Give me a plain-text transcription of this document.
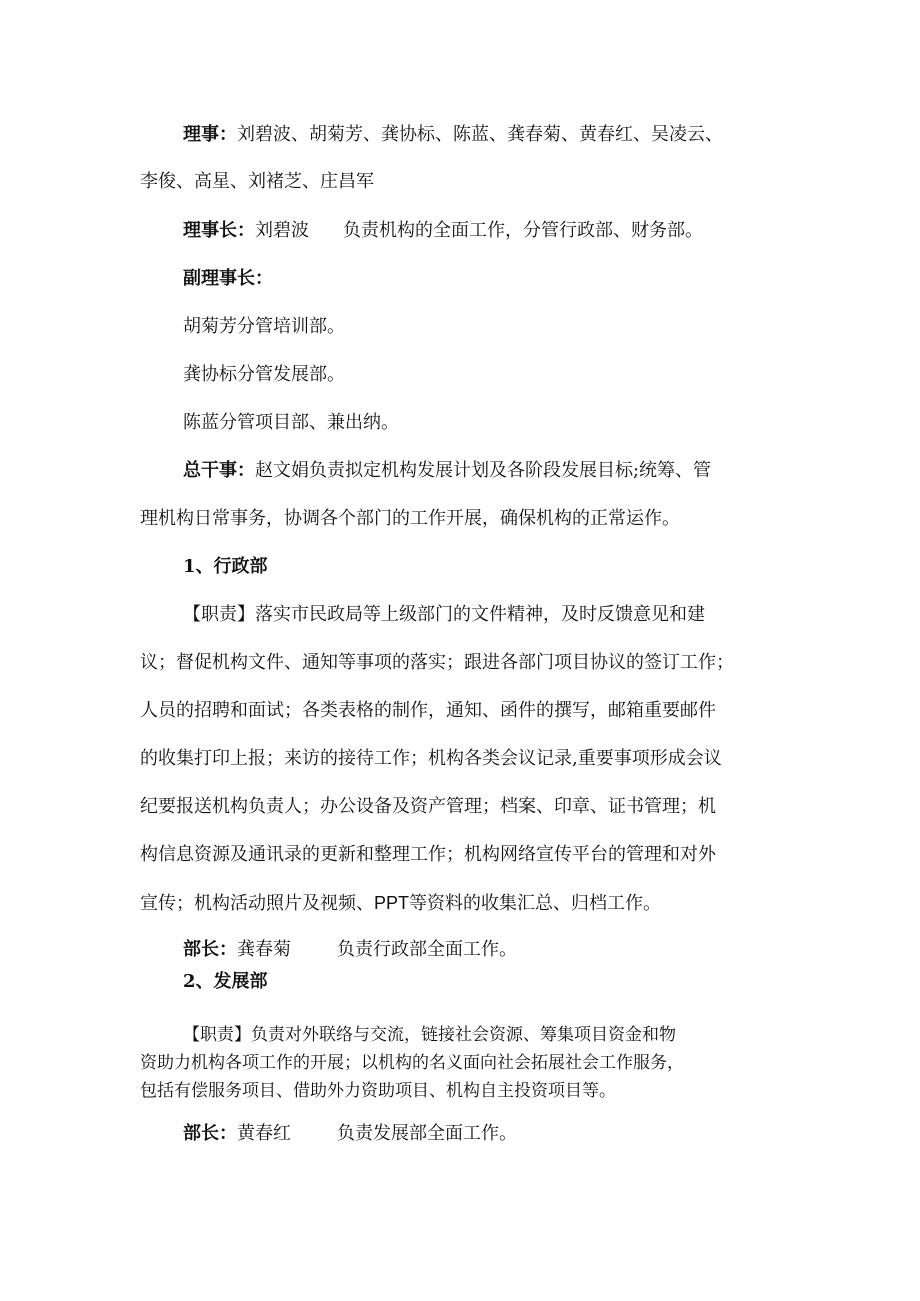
理事：刘碧波、胡菊芳、龚协标、陈蓝、龚春菊、黄春红、吴凌云、

李俊、高星、刘褚芝、庄昌军

理事长：刘碧波 负责机构的全面工作，分管行政部、财务部。

副理事长：

胡菊芳分管培训部。

龚协标分管发展部。

陈蓝分管项目部、兼出纳。

总干事：赵文娟负责拟定机构发展计划及各阶段发展目标;统筹、管

理机构日常事务，协调各个部门的工作开展，确保机构的正常运作。

1、行政部

【职责】落实市民政局等上级部门的文件精神，及时反馈意见和建

议；督促机构文件、通知等事项的落实；跟进各部门项目协议的签订工作；

人员的招聘和面试；各类表格的制作，通知、函件的撰写，邮箱重要邮件

的收集打印上报；来访的接待工作；机构各类会议记录,重要事项形成会议

纪要报送机构负责人；办公设备及资产管理；档案、印章、证书管理；机

构信息资源及通讯录的更新和整理工作；机构网络宣传平台的管理和对外

宣传；机构活动照片及视频、PPT等资料的收集汇总、归档工作。

部长：龚春菊	负责行政部全面工作。

2、发展部

【职责】负责对外联络与交流，链接社会资源、筹集项目资金和物

资助力机构各项工作的开展；以机构的名义面向社会拓展社会工作服务，

包括有偿服务项目、借助外力资助项目、机构自主投资项目等。

部长：黄春红	负责发展部全面工作。
